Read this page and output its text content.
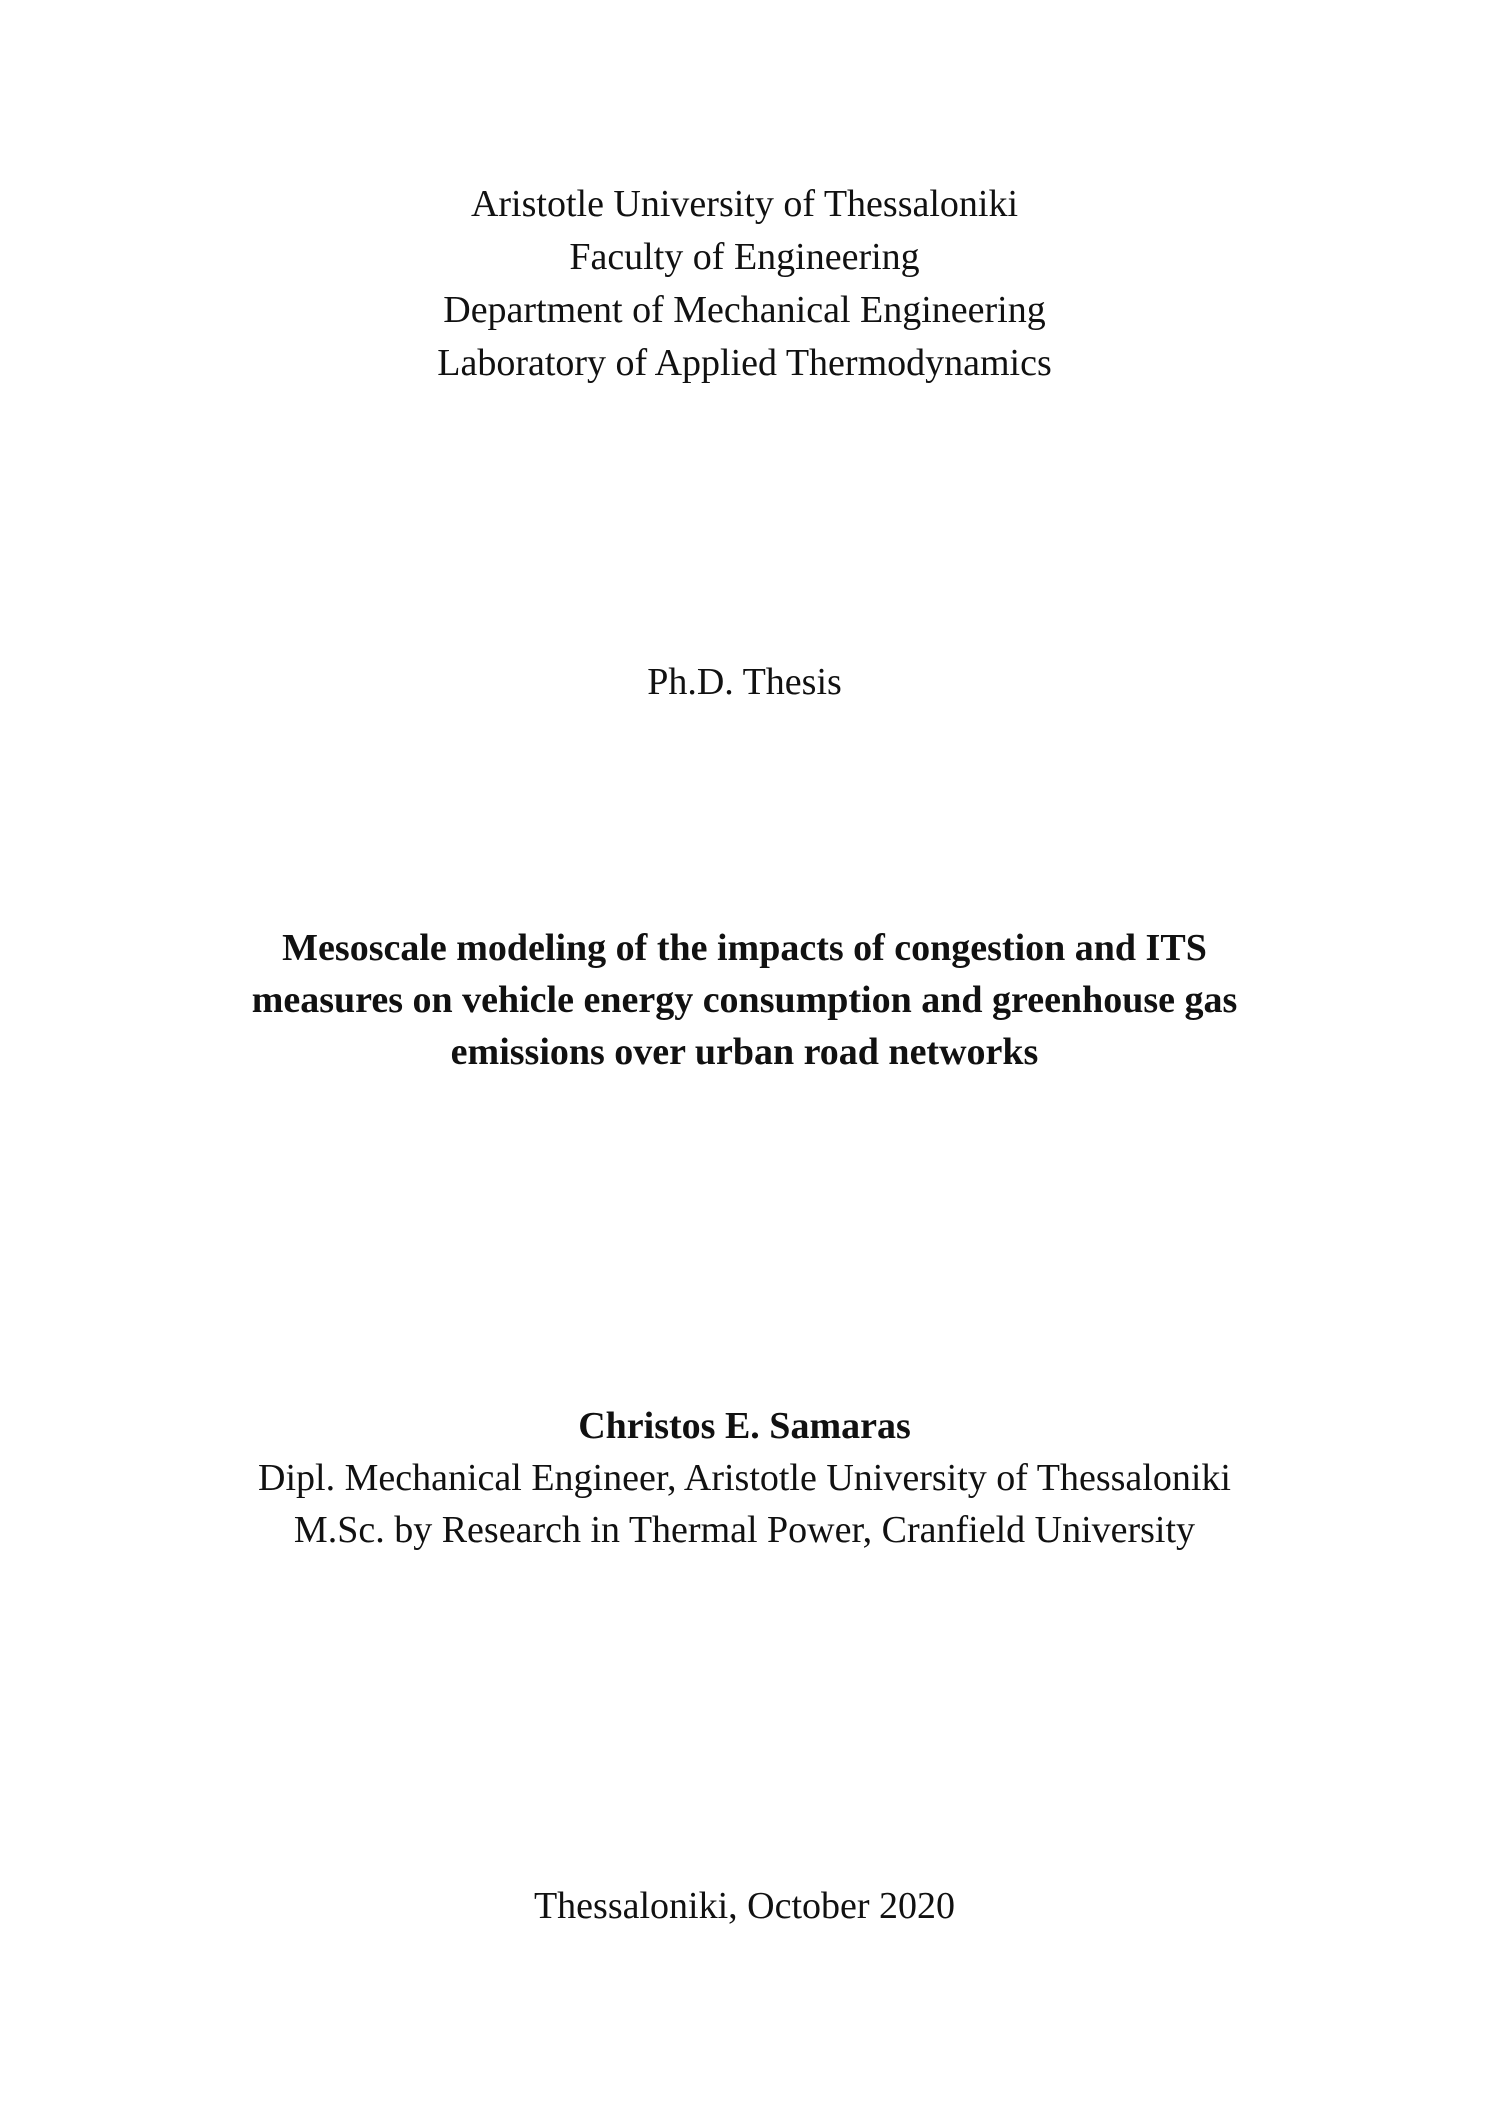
Aristotle University of Thessaloniki
Faculty of Engineering
Department of Mechanical Engineering
Laboratory of Applied Thermodynamics
Ph.D. Thesis
Mesoscale modeling of the impacts of congestion and ITS
measures on vehicle energy consumption and greenhouse gas
emissions over urban road networks
Christos E. Samaras
Dipl. Mechanical Engineer, Aristotle University of Thessaloniki
M.Sc. by Research in Thermal Power, Cranfield University
Thessaloniki, October 2020
